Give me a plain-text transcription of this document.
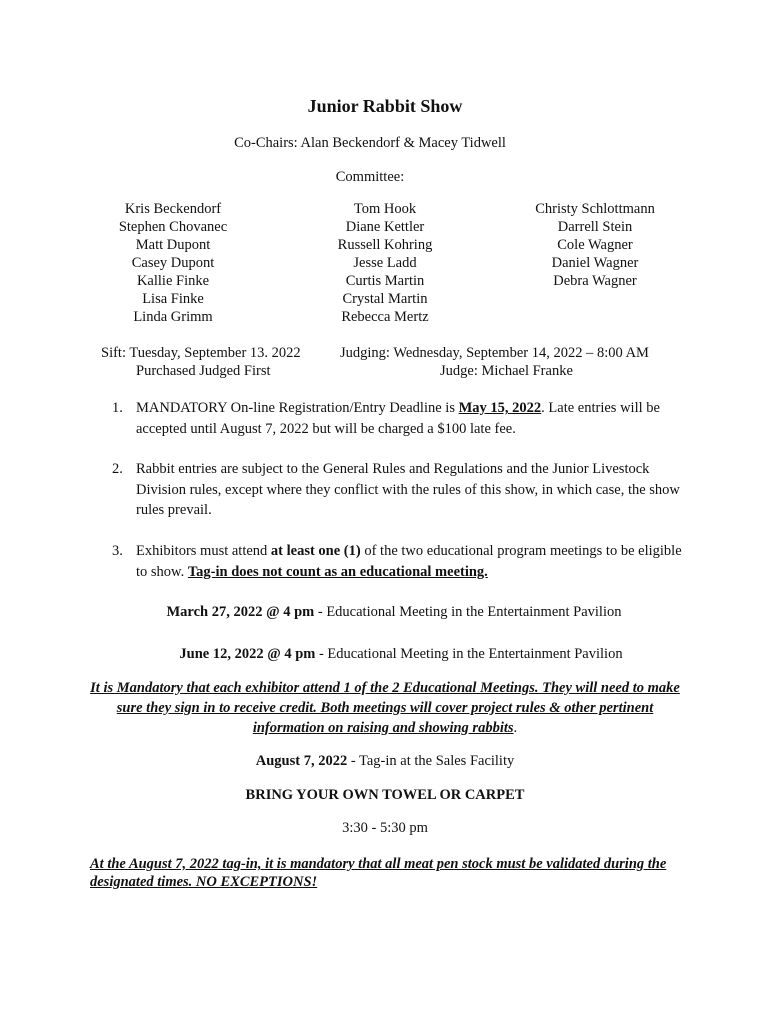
Junior Rabbit Show
Co-Chairs: Alan Beckendorf & Macey Tidwell
Committee:
Kris Beckendorf
Stephen Chovanec
Matt Dupont
Casey Dupont
Kallie Finke
Lisa Finke
Linda Grimm
Tom Hook
Diane Kettler
Russell Kohring
Jesse Ladd
Curtis Martin
Crystal Martin
Rebecca Mertz
Christy Schlottmann
Darrell Stein
Cole Wagner
Daniel Wagner
Debra Wagner
Sift: Tuesday, September 13. 2022
Purchased Judged First
Judging: Wednesday, September 14, 2022 – 8:00 AM
Judge: Michael Franke
1. MANDATORY On-line Registration/Entry Deadline is May 15, 2022. Late entries will be accepted until August 7, 2022 but will be charged a $100 late fee.
2. Rabbit entries are subject to the General Rules and Regulations and the Junior Livestock Division rules, except where they conflict with the rules of this show, in which case, the show rules prevail.
3. Exhibitors must attend at least one (1) of the two educational program meetings to be eligible to show. Tag-in does not count as an educational meeting.
March 27, 2022 @ 4 pm - Educational Meeting in the Entertainment Pavilion
June 12, 2022 @ 4 pm - Educational Meeting in the Entertainment Pavilion
It is Mandatory that each exhibitor attend 1 of the 2 Educational Meetings. They will need to make sure they sign in to receive credit. Both meetings will cover project rules & other pertinent information on raising and showing rabbits.
August 7, 2022 - Tag-in at the Sales Facility
BRING YOUR OWN TOWEL OR CARPET
3:30 - 5:30 pm
At the August 7, 2022 tag-in, it is mandatory that all meat pen stock must be validated during the designated times. NO EXCEPTIONS!
